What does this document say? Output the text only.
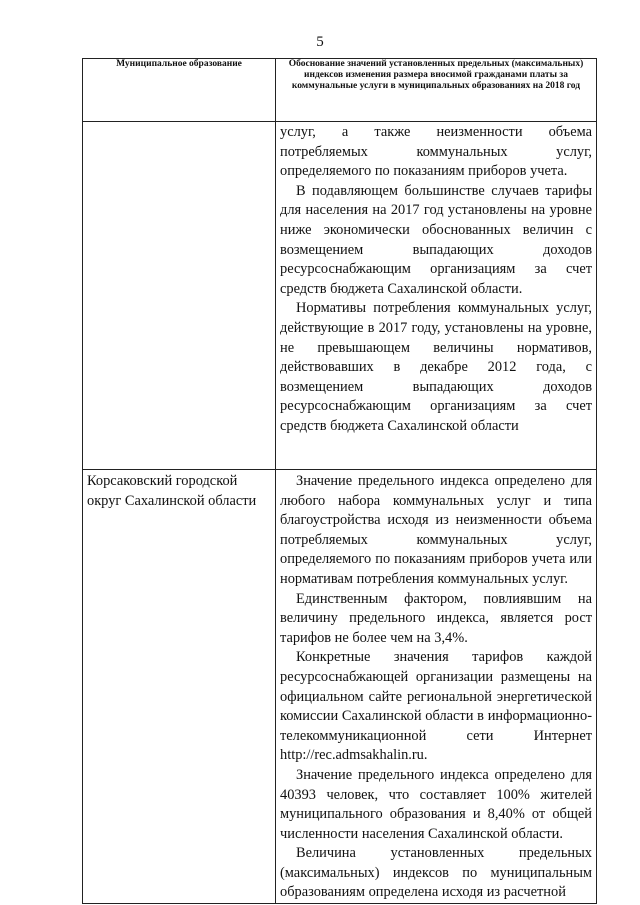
5
Муниципальное образование	Обоснование значений установленных предельных (максимальных) индексов изменения размера вносимой гражданами платы за коммунальные услуги в муниципальных образованиях на 2018 год

	услуг, а также неизменности объема потребляемых коммунальных услуг, определяемого по показаниям приборов учета.

В подавляющем большинстве случаев тарифы для населения на 2017 год установлены на уровне ниже экономически обоснованных величин с возмещением выпадающих доходов ресурсоснабжающим организациям за счет средств бюджета Сахалинской области.

Нормативы потребления коммунальных услуг, действующие в 2017 году, установлены на уровне, не превышающем величины нормативов, действовавших в декабре 2012 года, с возмещением выпадающих доходов ресурсоснабжающим организациям за счет средств бюджета Сахалинской области

Корсаковский городской округ Сахалинской области	Значение предельного индекса определено для любого набора коммунальных услуг и типа благоустройства исходя из неизменности объема потребляемых коммунальных услуг, определяемого по показаниям приборов учета или нормативам потребления коммунальных услуг.

Единственным фактором, повлиявшим на величину предельного индекса, является рост тарифов не более чем на 3,4%.

Конкретные значения тарифов каждой ресурсоснабжающей организации размещены на официальном сайте региональной энергетической комиссии Сахалинской области в информационно-телекоммуникационной сети Интернет http://rec.admsakhalin.ru.

Значение предельного индекса определено для 40393 человек, что составляет 100% жителей муниципального образования и 8,40% от общей численности населения Сахалинской области.

Величина установленных предельных (максимальных) индексов по муниципальным образованиям определена исходя из расчетной
